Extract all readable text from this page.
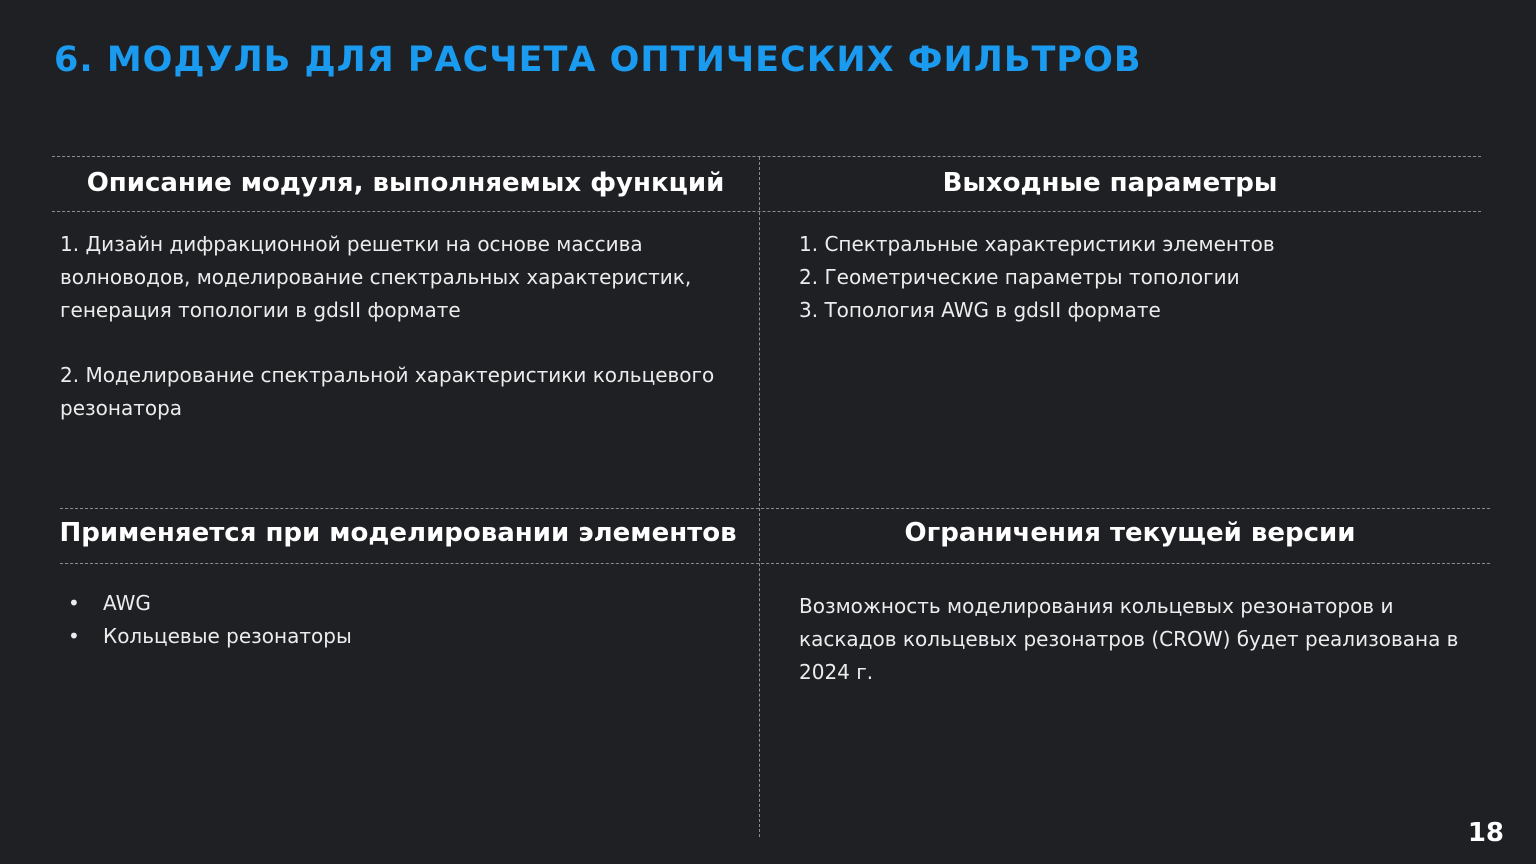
6. МОДУЛЬ ДЛЯ РАСЧЕТА ОПТИЧЕСКИХ ФИЛЬТРОВ
Описание модуля, выполняемых функций

1. Дизайн дифракционной решетки на основе массива волноводов, моделирование спектральных характеристик, генерация топологии в gdsII формате

2. Моделирование спектральной характеристики кольцевого резонатора

Выходные параметры

1. Спектральные характеристики элементов

2. Геометрические параметры топологии

3. Топология AWG в gdsII формате

Применяется при моделировании элементов
• AWG
• Кольцевые резонаторы
Ограничения текущей версии

Возможность моделирования кольцевых резонаторов и каскадов кольцевых резонатров (CROW) будет реализована в 2024 г.

18
